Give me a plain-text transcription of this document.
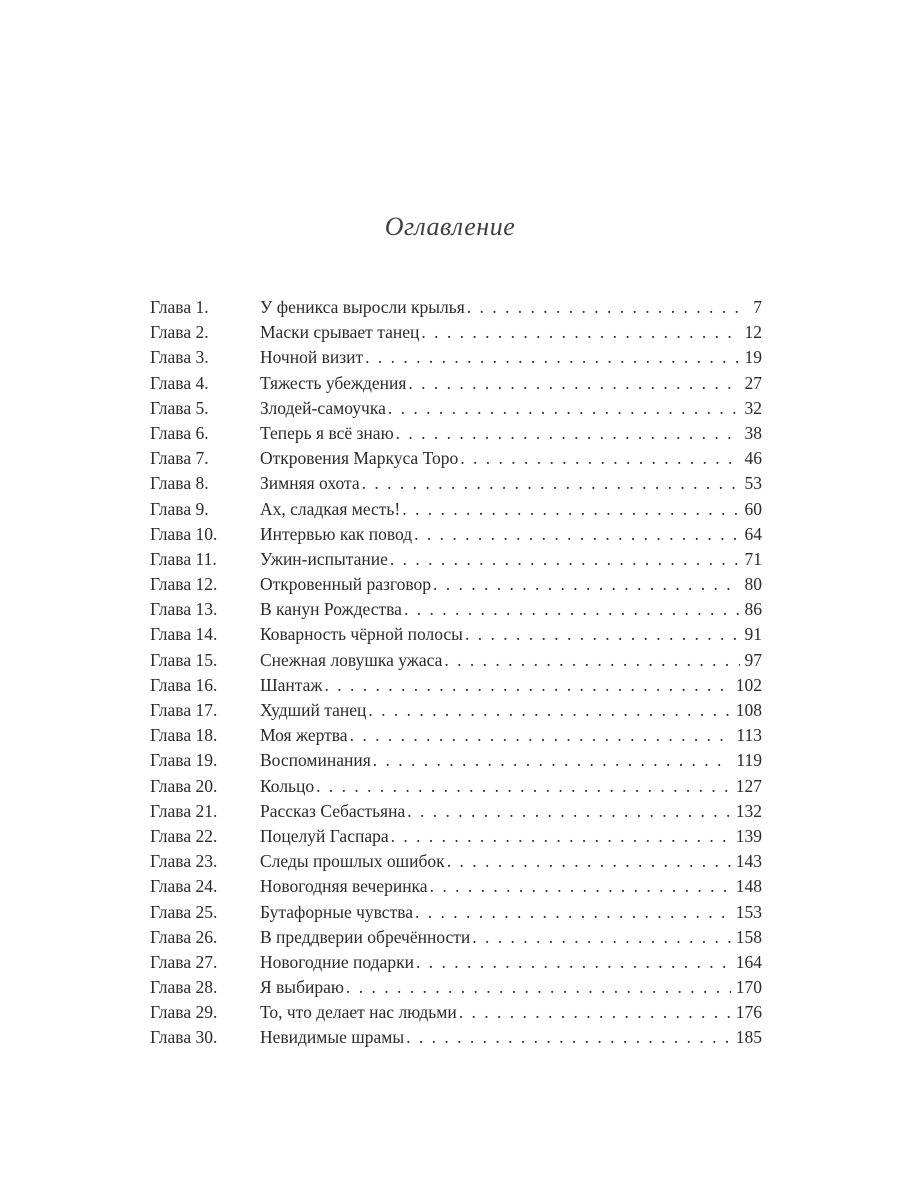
Оглавление
Глава 1.	У феникса выросли крылья . . .	7
Глава 2.	Маски срывает танец . . .	12
Глава 3.	Ночной визит . . .	19
Глава 4.	Тяжесть убеждения . . .	27
Глава 5.	Злодей-самоучка . . .	32
Глава 6.	Теперь я всё знаю . . .	38
Глава 7.	Откровения Маркуса Торо . . .	46
Глава 8.	Зимняя охота . . .	53
Глава 9.	Ах, сладкая месть! . . .	60
Глава 10.	Интервью как повод . . .	64
Глава 11.	Ужин-испытание . . .	71
Глава 12.	Откровенный разговор . . .	80
Глава 13.	В канун Рождества . . .	86
Глава 14.	Коварность чёрной полосы . . .	91
Глава 15.	Снежная ловушка ужаса . . .	97
Глава 16.	Шантаж . . .	102
Глава 17.	Худший танец . . .	108
Глава 18.	Моя жертва . . .	113
Глава 19.	Воспоминания . . .	119
Глава 20.	Кольцо . . .	127
Глава 21.	Рассказ Себастьяна . . .	132
Глава 22.	Поцелуй Гаспара . . .	139
Глава 23.	Следы прошлых ошибок . . .	143
Глава 24.	Новогодняя вечеринка . . .	148
Глава 25.	Бутафорные чувства . . .	153
Глава 26.	В преддверии обречённости . . .	158
Глава 27.	Новогодние подарки . . .	164
Глава 28.	Я выбираю . . .	170
Глава 29.	То, что делает нас людьми . . .	176
Глава 30.	Невидимые шрамы . . .	185
